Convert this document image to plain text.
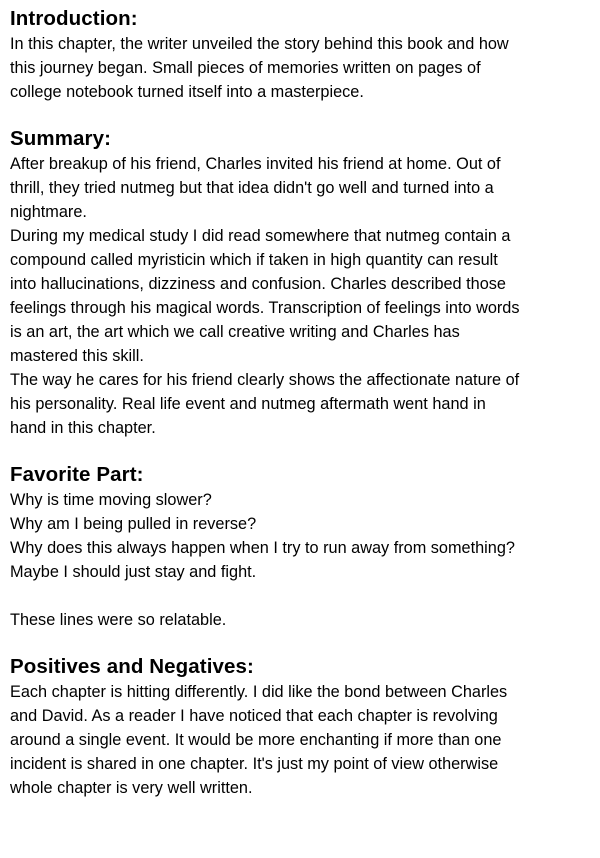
Introduction:

In this chapter, the writer unveiled the story behind this book and how
this journey began. Small pieces of memories written on pages of
college notebook turned itself into a masterpiece.

Summary:

After breakup of his friend, Charles invited his friend at home. Out of
thrill, they tried nutmeg but that idea didn't go well and turned into a
nightmare.
During my medical study I did read somewhere that nutmeg contain a
compound called myristicin which if taken in high quantity can result
into hallucinations, dizziness and confusion. Charles described those
feelings through his magical words. Transcription of feelings into words
is an art, the art which we call creative writing and Charles has
mastered this skill.
The way he cares for his friend clearly shows the affectionate nature of
his personality. Real life event and nutmeg aftermath went hand in
hand in this chapter.

Favorite Part:

Why is time moving slower?
Why am I being pulled in reverse?
Why does this always happen when I try to run away from something?
Maybe I should just stay and fight.

These lines were so relatable.

Positives and Negatives:

Each chapter is hitting differently. I did like the bond between Charles
and David. As a reader I have noticed that each chapter is revolving
around a single event. It would be more enchanting if more than one
incident is shared in one chapter. It's just my point of view otherwise
whole chapter is very well written.
